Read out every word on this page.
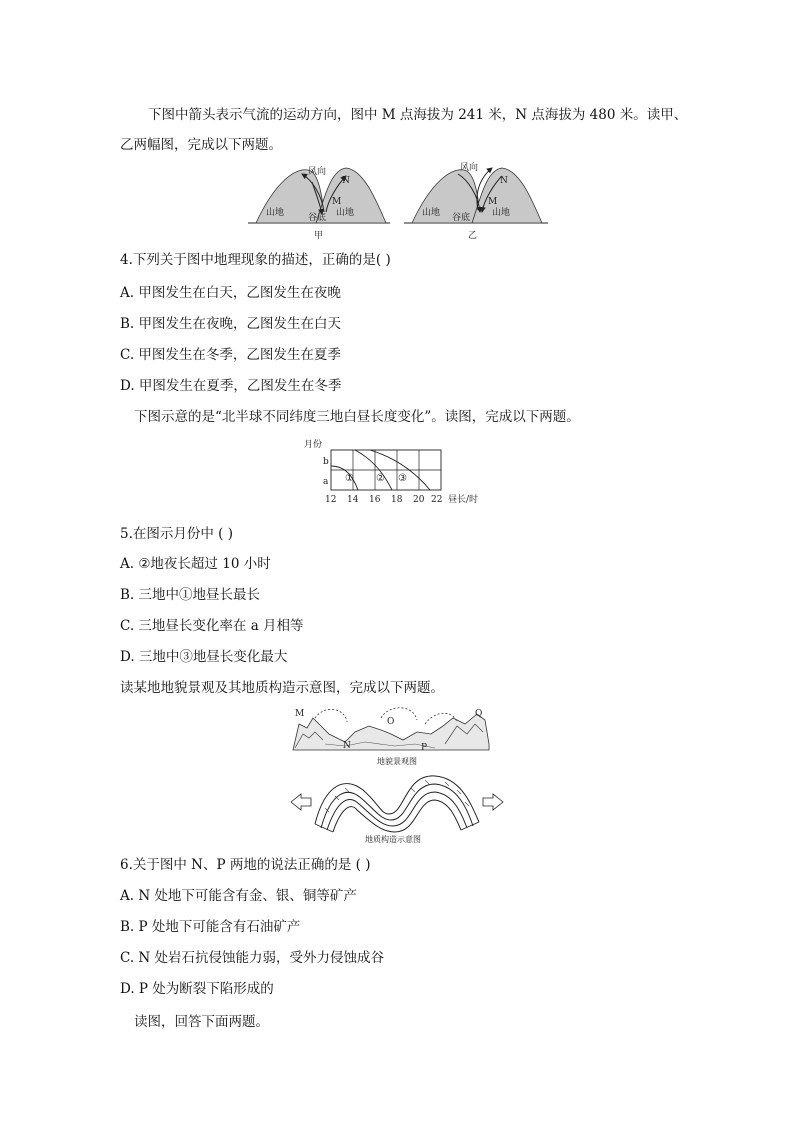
下图中箭头表示气流的运动方向，图中 M 点海拔为 241 米，N 点海拔为 480 米。读甲、
乙两幅图，完成以下两题。
风向
N
M
山地	山地
谷底
甲
风向
N
M
山地	山地
谷底
乙
4.下列关于图中地理现象的描述，正确的是( )
A. 甲图发生在白天，乙图发生在夜晚
B. 甲图发生在夜晚，乙图发生在白天
C. 甲图发生在冬季，乙图发生在夏季
D. 甲图发生在夏季，乙图发生在冬季
下图示意的是“北半球不同纬度三地白昼长度变化”。读图，完成以下两题。
月份
b
a ① ② ③
12 14 16 18 20 22 昼长/时
5.在图示月份中 ( )
A. ②地夜长超过 10 小时
B. 三地中①地昼长最长
C. 三地昼长变化率在 a 月相等
D. 三地中③地昼长变化最大
读某地地貌景观及其地质构造示意图，完成以下两题。
M
O
Q
N	P
地貌景观图
地质构造示意图
6.关于图中 N、P 两地的说法正确的是 ( )
A. N 处地下可能含有金、银、铜等矿产
B. P 处地下可能含有石油矿产
C. N 处岩石抗侵蚀能力弱，受外力侵蚀成谷
D. P 处为断裂下陷形成的
读图，回答下面两题。
